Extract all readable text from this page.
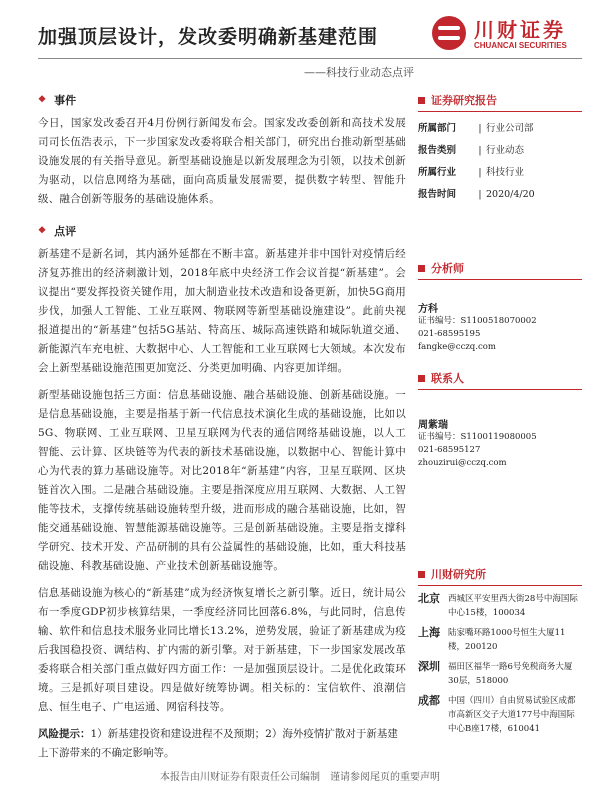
加强顶层设计，发改委明确新基建范围	川财证券
CHUANCAI SECURITIES
——科技行业动态点评
❖ 事件

今日，国家发改委召开4月份例行新闻发布会。国家发改委创新和高技术发展司司长伍浩表示，下一步国家发改委将联合相关部门，研究出台推动新型基础设施发展的有关指导意见。新型基础设施是以新发展理念为引领，以技术创新为驱动，以信息网络为基础，面向高质量发展需要，提供数字转型、智能升级、融合创新等服务的基础设施体系。

❖ 点评

新基建不是新名词，其内涵外延都在不断丰富。新基建并非中国针对疫情后经济复苏推出的经济刺激计划，2018年底中央经济工作会议首提“新基建”。会议提出“要发挥投资关键作用，加大制造业技术改造和设备更新，加快5G商用步伐，加强人工智能、工业互联网、物联网等新型基础设施建设”。此前央视报道提出的“新基建”包括5G基站、特高压、城际高速铁路和城际轨道交通、新能源汽车充电桩、大数据中心、人工智能和工业互联网七大领域。本次发布会上新型基础设施范围更加宽泛、分类更加明确、内容更加详细。

新型基础设施包括三方面：信息基础设施、融合基础设施、创新基础设施。一是信息基础设施，主要是指基于新一代信息技术演化生成的基础设施，比如以5G、物联网、工业互联网、卫星互联网为代表的通信网络基础设施，以人工智能、云计算、区块链等为代表的新技术基础设施，以数据中心、智能计算中心为代表的算力基础设施等。对比2018年“新基建”内容，卫星互联网、区块链首次入围。二是融合基础设施。主要是指深度应用互联网、大数据、人工智能等技术，支撑传统基础设施转型升级，进而形成的融合基础设施，比如，智能交通基础设施、智慧能源基础设施等。三是创新基础设施。主要是指支撑科学研究、技术开发、产品研制的具有公益属性的基础设施，比如，重大科技基础设施、科教基础设施、产业技术创新基础设施等。

信息基础设施为核心的“新基建”成为经济恢复增长之新引擎。近日，统计局公布一季度GDP初步核算结果，一季度经济同比回落6.8%，与此同时，信息传输、软件和信息技术服务业同比增长13.2%，逆势发展，验证了新基建成为疫后我国稳投资、调结构、扩内需的新引擎。对于新基建，下一步国家发展改革委将联合相关部门重点做好四方面工作：一是加强顶层设计。二是优化政策环境。三是抓好项目建设。四是做好统筹协调。相关标的：宝信软件、浪潮信息、恒生电子、广电运通、网宿科技等。

风险提示：1）新基建投资和建设进程不及预期；2）海外疫情扩散对于新基建上下游带来的不确定影响等。

证券研究报告
所属部门	| 行业公司部
报告类别	| 行业动态
所属行业	| 科技行业
报告时间	| 2020/4/20
分析师
方科
证书编号：S1100518070002
021-68595195
fangke@cczq.com
联系人
周紫瑞
证书编号：S1100119080005
021-68595127
zhouzirui@cczq.com
川财研究所
北京 西城区平安里西大街28号中海国际中心15楼，100034
上海 陆家嘴环路1000号恒生大厦11楼，200120
深圳 福田区福华一路6号免税商务大厦30层，518000
成都 中国（四川）自由贸易试验区成都市高新区交子大道177号中海国际中心B座17楼，610041
本报告由川财证券有限责任公司编制　谨请参阅尾页的重要声明
